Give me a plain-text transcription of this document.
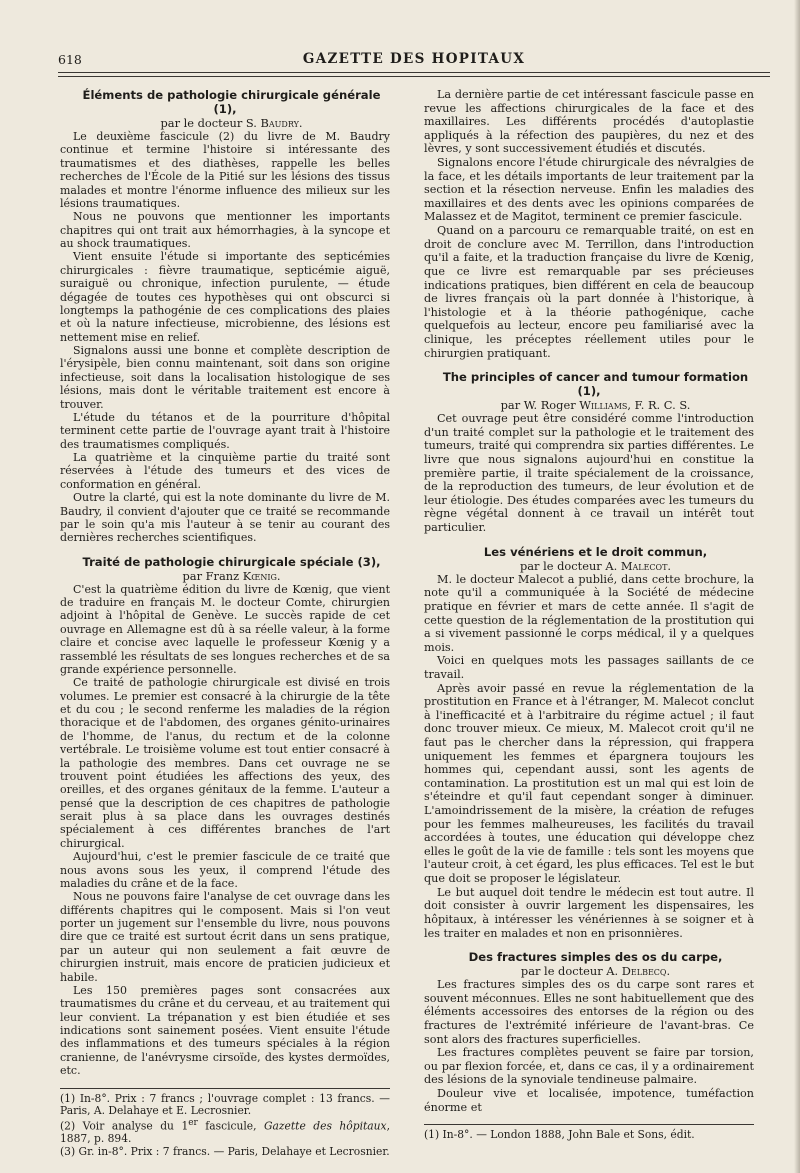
618	GAZETTE DES HOPITAUX

Éléments de pathologie chirurgicale générale (1),

par le docteur S. Baudry.

Le deuxième fascicule (2) du livre de M. Baudry continue et termine l'histoire si intéressante des traumatismes et des diathèses, rappelle les belles recherches de l'École de la Pitié sur les lésions des tissus malades et montre l'énorme influence des milieux sur les lésions traumatiques.

Nous ne pouvons que mentionner les importants chapitres qui ont trait aux hémorrhagies, à la syncope et au shock traumatiques.

Vient ensuite l'étude si importante des septicémies chirurgicales : fièvre traumatique, septicémie aiguë, suraiguë ou chronique, infection purulente, — étude dégagée de toutes ces hypothèses qui ont obscurci si longtemps la pathogénie de ces complications des plaies et où la nature infectieuse, microbienne, des lésions est nettement mise en relief.

Signalons aussi une bonne et complète description de l'érysipèle, bien connu maintenant, soit dans son origine infectieuse, soit dans la localisation histologique de ses lésions, mais dont le véritable traitement est encore à trouver.

L'étude du tétanos et de la pourriture d'hôpital terminent cette partie de l'ouvrage ayant trait à l'histoire des traumatismes compliqués.

La quatrième et la cinquième partie du traité sont réservées à l'étude des tumeurs et des vices de conformation en général.

Outre la clarté, qui est la note dominante du livre de M. Baudry, il convient d'ajouter que ce traité se recommande par le soin qu'a mis l'auteur à se tenir au courant des dernières recherches scientifiques.

Traité de pathologie chirurgicale spéciale (3),

par Franz Kœnig.

C'est la quatrième édition du livre de Kœnig, que vient de traduire en français M. le docteur Comte, chirurgien adjoint à l'hôpital de Genève. Le succès rapide de cet ouvrage en Allemagne est dû à sa réelle valeur, à la forme claire et concise avec laquelle le professeur Kœnig y a rassemblé les résultats de ses longues recherches et de sa grande expérience personnelle.

Ce traité de pathologie chirurgicale est divisé en trois volumes. Le premier est consacré à la chirurgie de la tête et du cou ; le second renferme les maladies de la région thoracique et de l'abdomen, des organes génito-urinaires de l'homme, de l'anus, du rectum et de la colonne vertébrale. Le troisième volume est tout entier consacré à la pathologie des membres. Dans cet ouvrage ne se trouvent point étudiées les affections des yeux, des oreilles, et des organes génitaux de la femme. L'auteur a pensé que la description de ces chapitres de pathologie serait plus à sa place dans les ouvrages destinés spécialement à ces différentes branches de l'art chirurgical.

Aujourd'hui, c'est le premier fascicule de ce traité que nous avons sous les yeux, il comprend l'étude des maladies du crâne et de la face.

Nous ne pouvons faire l'analyse de cet ouvrage dans les différents chapitres qui le composent. Mais si l'on veut porter un jugement sur l'ensemble du livre, nous pouvons dire que ce traité est surtout écrit dans un sens pratique, par un auteur qui non seulement a fait œuvre de chirurgien instruit, mais encore de praticien judicieux et habile.

Les 150 premières pages sont consacrées aux traumatismes du crâne et du cerveau, et au traitement qui leur convient. La trépanation y est bien étudiée et ses indications sont sainement posées. Vient ensuite l'étude des inflammations et des tumeurs spéciales à la région cranienne, de l'anévrysme cirsoïde, des kystes dermoïdes, etc.

(1) In-8°. Prix : 7 francs ; l'ouvrage complet : 13 francs. — Paris, A. Delahaye et E. Lecrosnier.

(2) Voir analyse du 1er fascicule, Gazette des hôpitaux, 1887, p. 894.

(3) Gr. in-8°. Prix : 7 francs. — Paris, Delahaye et Lecrosnier.

La dernière partie de cet intéressant fascicule passe en revue les affections chirurgicales de la face et des maxillaires. Les différents procédés d'autoplastie appliqués à la réfection des paupières, du nez et des lèvres, y sont successivement étudiés et discutés.

Signalons encore l'étude chirurgicale des névralgies de la face, et les détails importants de leur traitement par la section et la résection nerveuse. Enfin les maladies des maxillaires et des dents avec les opinions comparées de Malassez et de Magitot, terminent ce premier fascicule.

Quand on a parcouru ce remarquable traité, on est en droit de conclure avec M. Terrillon, dans l'introduction qu'il a faite, et la traduction française du livre de Kœnig, que ce livre est remarquable par ses précieuses indications pratiques, bien différent en cela de beaucoup de livres français où la part donnée à l'historique, à l'histologie et à la théorie pathogénique, cache quelquefois au lecteur, encore peu familiarisé avec la clinique, les préceptes réellement utiles pour le chirurgien pratiquant.

The principles of cancer and tumour formation (1),

par W. Roger Williams, F. R. C. S.

Cet ouvrage peut être considéré comme l'introduction d'un traité complet sur la pathologie et le traitement des tumeurs, traité qui comprendra six parties différentes. Le livre que nous signalons aujourd'hui en constitue la première partie, il traite spécialement de la croissance, de la reproduction des tumeurs, de leur évolution et de leur étiologie. Des études comparées avec les tumeurs du règne végétal donnent à ce travail un intérêt tout particulier.

Les vénériens et le droit commun,

par le docteur A. Malecot.

M. le docteur Malecot a publié, dans cette brochure, la note qu'il a communiquée à la Société de médecine pratique en février et mars de cette année. Il s'agit de cette question de la réglementation de la prostitution qui a si vivement passionné le corps médical, il y a quelques mois.

Voici en quelques mots les passages saillants de ce travail.

Après avoir passé en revue la réglementation de la prostitution en France et à l'étranger, M. Malecot conclut à l'inefficacité et à l'arbitraire du régime actuel ; il faut donc trouver mieux. Ce mieux, M. Malecot croit qu'il ne faut pas le chercher dans la répression, qui frappera uniquement les femmes et épargnera toujours les hommes qui, cependant aussi, sont les agents de contamination. La prostitution est un mal qui est loin de s'éteindre et qu'il faut cependant songer à diminuer. L'amoindrissement de la misère, la création de refuges pour les femmes malheureuses, les facilités du travail accordées à toutes, une éducation qui développe chez elles le goût de la vie de famille : tels sont les moyens que l'auteur croit, à cet égard, les plus efficaces. Tel est le but que doit se proposer le législateur.

Le but auquel doit tendre le médecin est tout autre. Il doit consister à ouvrir largement les dispensaires, les hôpitaux, à intéresser les vénériennes à se soigner et à les traiter en malades et non en prisonnières.

Des fractures simples des os du carpe,

par le docteur A. Delbecq.

Les fractures simples des os du carpe sont rares et souvent méconnues. Elles ne sont habituellement que des éléments accessoires des entorses de la région ou des fractures de l'extrémité inférieure de l'avant-bras. Ce sont alors des fractures superficielles.

Les fractures complètes peuvent se faire par torsion, ou par flexion forcée, et, dans ce cas, il y a ordinairement des lésions de la synoviale tendineuse palmaire.

Douleur vive et localisée, impotence, tuméfaction énorme et

(1) In-8°. — London 1888, John Bale et Sons, édit.
